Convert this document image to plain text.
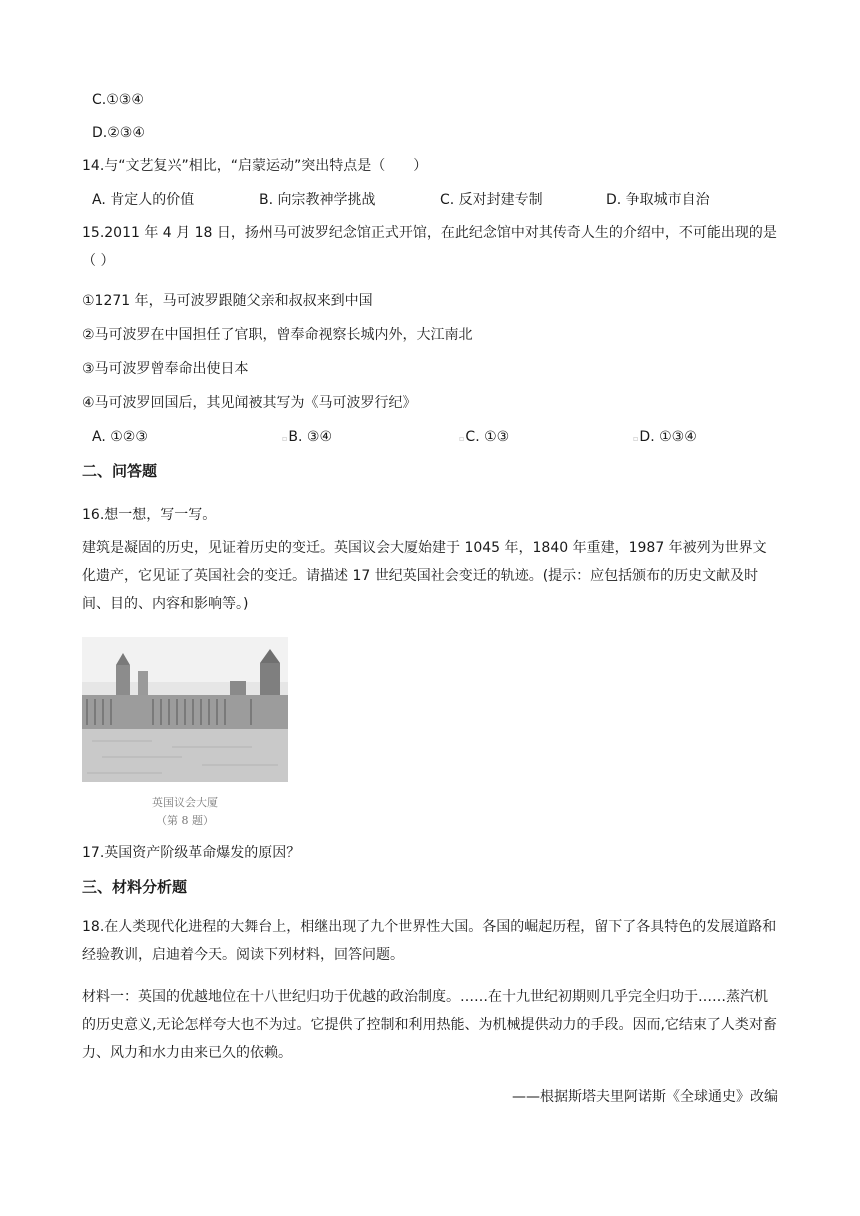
C.①③④
D.②③④
14.与“文艺复兴”相比，“启蒙运动”突出特点是（　　）
A. 肯定人的价值	B. 向宗教神学挑战	C. 反对封建专制	D. 争取城市自治
15.2011 年 4 月 18 日，扬州马可波罗纪念馆正式开馆，在此纪念馆中对其传奇人生的介绍中，不可能出现的是（ ）
①1271 年，马可波罗跟随父亲和叔叔来到中国
②马可波罗在中国担任了官职，曾奉命视察长城内外，大江南北
③马可波罗曾奉命出使日本
④马可波罗回国后，其见闻被其写为《马可波罗行纪》
A. ①②③	▫B. ③④	▫C. ①③	▫D. ①③④
二、问答题
16.想一想，写一写。
建筑是凝固的历史，见证着历史的变迁。英国议会大厦始建于 1045 年，1840 年重建，1987 年被列为世界文化遗产，它见证了英国社会的变迁。请描述 17 世纪英国社会变迁的轨迹。(提示：应包括颁布的历史文献及时间、目的、内容和影响等。)
英国议会大厦
（第 8 题）
17.英国资产阶级革命爆发的原因？
三、材料分析题
18.在人类现代化进程的大舞台上，相继出现了九个世界性大国。各国的崛起历程，留下了各具特色的发展道路和经验教训，启迪着今天。阅读下列材料，回答问题。
材料一：英国的优越地位在十八世纪归功于优越的政治制度。……在十九世纪初期则几乎完全归功于……蒸汽机的历史意义,无论怎样夸大也不为过。它提供了控制和利用热能、为机械提供动力的手段。因而,它结束了人类对畜力、风力和水力由来已久的依赖。
——根据斯塔夫里阿诺斯《全球通史》改编
